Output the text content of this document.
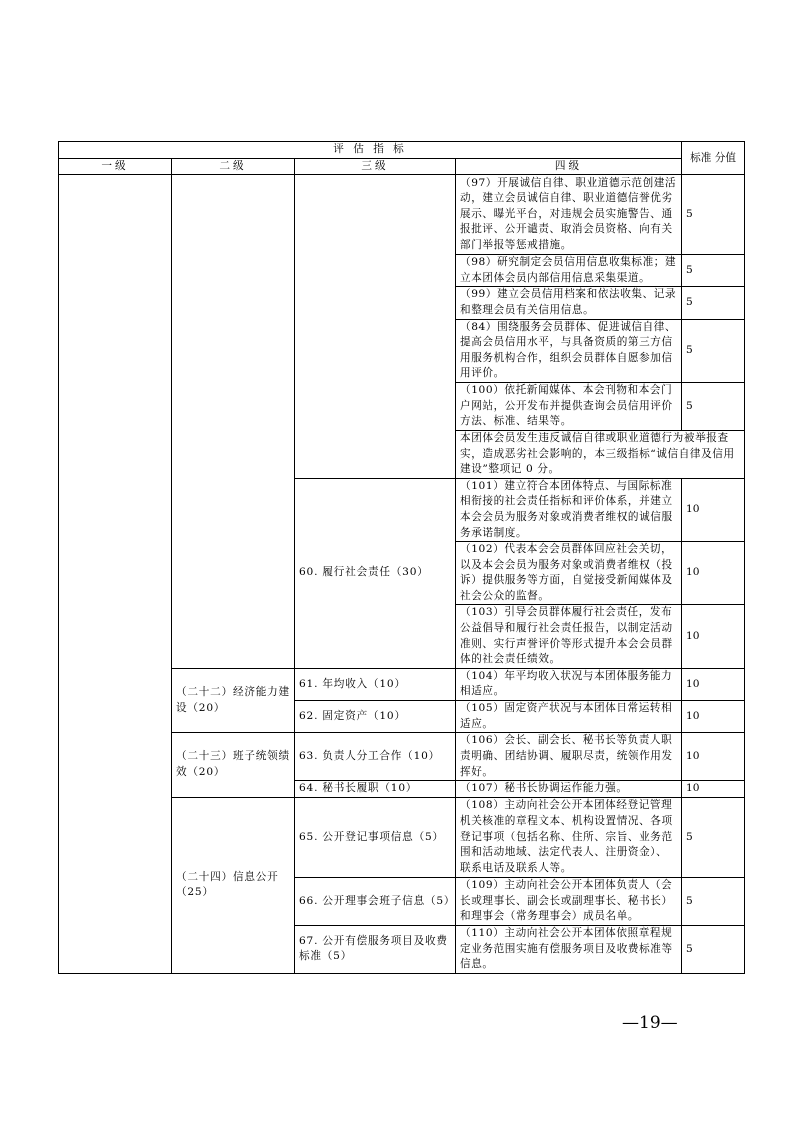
评 估 指 标				标准 分值
一级	二级	三级	四级	
			（97）开展诚信自律、职业道德示范创建活动，建立会员诚信自律、职业道德信誉优劣展示、曝光平台，对违规会员实施警告、通报批评、公开谴责、取消会员资格、向有关部门举报等惩戒措施。	5
			（98）研究制定会员信用信息收集标准；建立本团体会员内部信用信息采集渠道。	5
			（99）建立会员信用档案和依法收集、记录和整理会员有关信用信息。	5
			（84）围绕服务会员群体、促进诚信自律、提高会员信用水平，与具备资质的第三方信用服务机构合作，组织会员群体自愿参加信用评价。	5
			（100）依托新闻媒体、本会刊物和本会门户网站，公开发布并提供查询会员信用评价方法、标准、结果等。	5
			本团体会员发生违反诚信自律或职业道德行为被举报查实，造成恶劣社会影响的，本三级指标“诚信自律及信用建设”整项记 0 分。	
		60. 履行社会责任（30）	（101）建立符合本团体特点、与国际标准相衔接的社会责任指标和评价体系，并建立本会会员为服务对象或消费者维权的诚信服务承诺制度。	10
			（102）代表本会会员群体回应社会关切，以及本会会员为服务对象或消费者维权（投诉）提供服务等方面，自觉接受新闻媒体及社会公众的监督。	10
			（103）引导会员群体履行社会责任，发布公益倡导和履行社会责任报告，以制定活动准则、实行声誉评价等形式提升本会会员群体的社会责任绩效。	10
	（二十二）经济能力建设（20）	61. 年均收入（10）	（104）年平均收入状况与本团体服务能力相适应。	10
		62. 固定资产（10）	（105）固定资产状况与本团体日常运转相适应。	10
	（二十三）班子统领绩效（20）	63. 负责人分工合作（10）	（106）会长、副会长、秘书长等负责人职责明确、团结协调、履职尽责，统领作用发挥好。	10
		64. 秘书长履职（10）	（107）秘书长协调运作能力强。	10
	（二十四）信息公开（25）	65. 公开登记事项信息（5）	（108）主动向社会公开本团体经登记管理机关核准的章程文本、机构设置情况、各项登记事项（包括名称、住所、宗旨、业务范围和活动地域、法定代表人、注册资金）、联系电话及联系人等。	5
		66. 公开理事会班子信息（5）	（109）主动向社会公开本团体负责人（会长或理事长、副会长或副理事长、秘书长）和理事会（常务理事会）成员名单。	5
		67. 公开有偿服务项目及收费标准（5）	（110）主动向社会公开本团体依照章程规定业务范围实施有偿服务项目及收费标准等信息。	5
—19—
